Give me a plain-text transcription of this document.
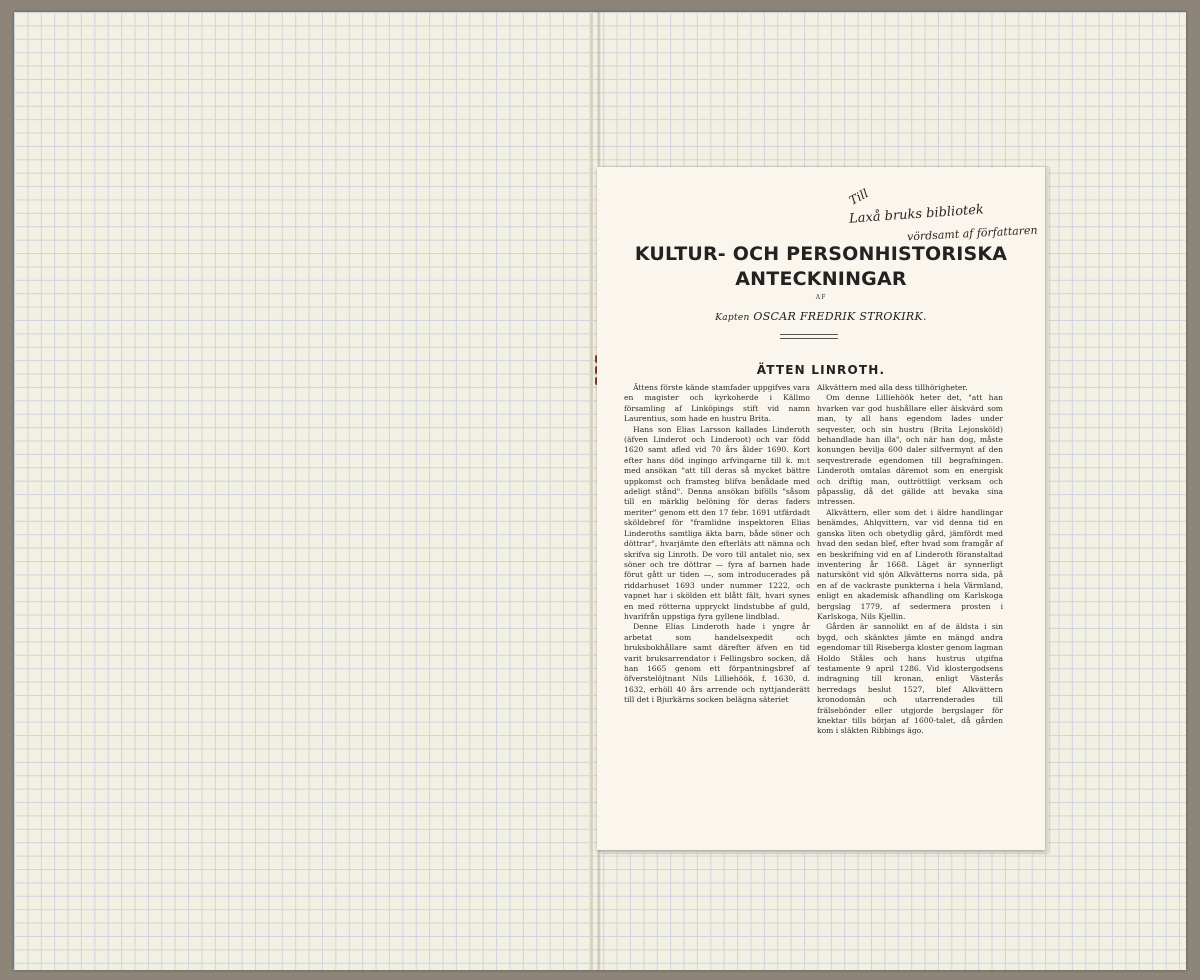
Till
Laxå bruks bibliotek
vördsamt af författaren
KULTUR- OCH PERSONHISTORISKA
ANTECKNINGAR
AF
Kapten OSCAR FREDRIK STROKIRK.
ÄTTEN LINROTH.

Ättens förste kände stamfader uppgifves vara en magister och kyrkoherde i Källmo församling af Linköpings stift vid namn Laurentius, som hade en hustru Brita.

Hans son Elias Larsson kallades Linderoth (äfven Linderot och Linderoot) och var född 1620 samt afled vid 70 års ålder 1690. Kort efter hans död ingingo arfvingarne till k. m:t med ansökan "att till deras så mycket bättre uppkomst och framsteg blifva benådade med adeligt stånd". Denna ansökan bifölls "såsom till en märklig belöning för deras faders meriter" genom ett den 17 febr. 1691 utfärdadt sköldebref för "framlidne inspektoren Elias Linderoths samtliga äkta barn, både söner och döttrar", hvarjämte den efterläts att nämna och skrifva sig Linroth. De voro till antalet nio, sex söner och tre döttrar — fyra af barnen hade förut gått ur tiden —, som introducerades på riddarhuset 1693 under nummer 1222, och vapnet har i skölden ett blått fält, hvari synes en med rötterna uppryckt lindstubbe af guld, hvarifrån uppstiga fyra gyllene lindblad.

Denne Elias Linderoth hade i yngre år arbetat som handelsexpedit och bruksbokhållare samt därefter äfven en tid varit bruksarrendator i Fellingsbro socken, då han 1665 genom ett förpantningsbref af öfverstelöjtnant Nils Lilliehöök, f. 1630, d. 1632, erhöll 40 års arrende och nyttjanderätt till det i Bjurkärns socken belägna säteriet

Alkvättern med alla dess tillhörigheter.

Om denne Lilliehöök heter det, "att han hvarken var god hushållare eller älskvärd som man, ty all hans egendom lades under seqvester, och sin hustru (Brita Lejonsköld) behandlade han illa", och när han dog, måste konungen bevilja 600 daler silfvermynt af den seqvestrerade egendomen till begrafningen. Linderoth omtalas däremot som en energisk och driftig man, outtröttligt verksam och påpasslig, då det gällde att bevaka sina intressen.

Alkvättern, eller som det i äldre handlingar benämdes, Ahlqvittern, var vid denna tid en ganska liten och obetydlig gård, jämfördt med hvad den sedan blef, efter hvad som framgår af en beskrifning vid en af Linderoth föranstaltad inventering år 1668. Läget är synnerligt naturskönt vid sjön Alkvätterns norra sida, på en af de vackraste punkterna i hela Värmland, enligt en akademisk afhandling om Karlskoga bergslag 1779, af sedermera prosten i Karlskoga, Nils Kjellin.

Gården är sannolikt en af de äldsta i sin bygd, och skänktes jämte en mängd andra egendomar till Riseberga kloster genom lagman Holdo Ståles och hans hustrus utgifna testamente 9 april 1286. Vid klostergodsens indragning till kronan, enligt Västerås herredags beslut 1527, blef Alkvättern kronodomän och utarrenderades till frälsebönder eller utgjorde bergslager för knektar tills början af 1600-talet, då gården kom i släkten Ribbings ägo.
